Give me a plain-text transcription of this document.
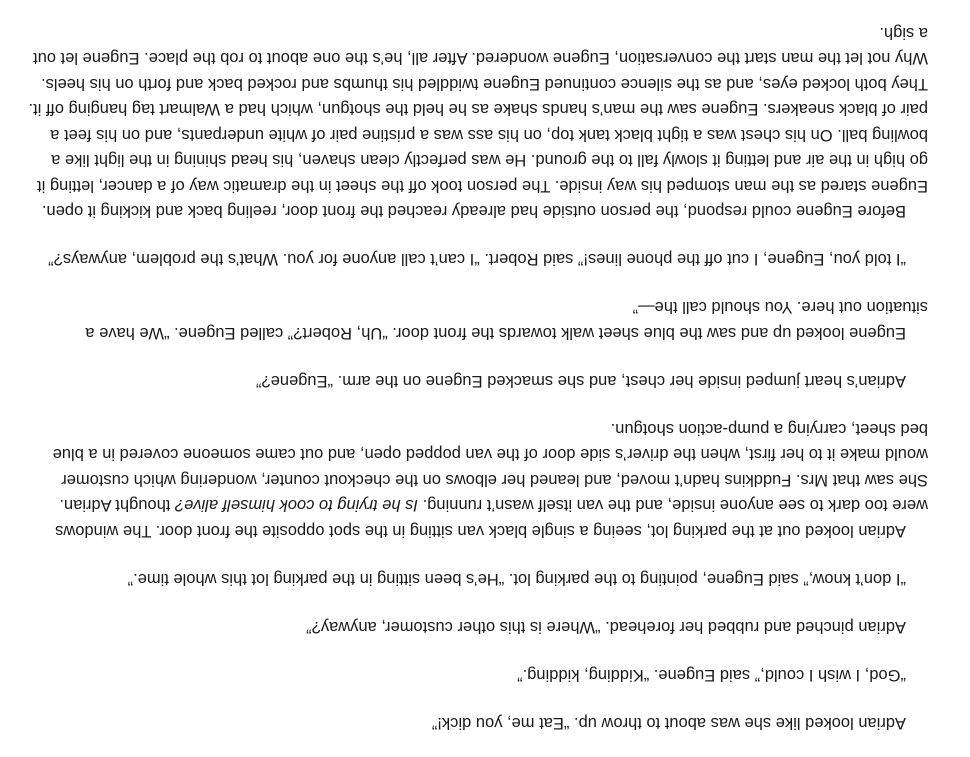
Adrian looked like she was about to throw up. “Eat me, you dick!”

“God, I wish I could,” said Eugene. “Kidding, kidding.”

Adrian pinched and rubbed her forehead. “Where is this other customer, anyway?”

“I don’t know,” said Eugene, pointing to the parking lot. “He’s been sitting in the parking lot this whole time.”

Adrian looked out at the parking lot, seeing a single black van sitting in the spot opposite the front door. The windows were too dark to see anyone inside, and the van itself wasn’t running. Is he trying to cook himself alive? thought Adrian. She saw that Mrs. Fuddkins hadn’t moved, and leaned her elbows on the checkout counter, wondering which customer would make it to her first, when the driver’s side door of the van popped open, and out came someone covered in a blue bed sheet, carrying a pump-action shotgun.

Adrian’s heart jumped inside her chest, and she smacked Eugene on the arm. “Eugene?”

Eugene looked up and saw the blue sheet walk towards the front door. “Uh, Robert?” called Eugene. “We have a situation out here. You should call the—”

“I told you, Eugene, I cut off the phone lines!” said Robert. “I can’t call anyone for you. What’s the problem, anyways?”

Before Eugene could respond, the person outside had already reached the front door, reeling back and kicking it open. Eugene stared as the man stomped his way inside. The person took off the sheet in the dramatic way of a dancer, letting it go high in the air and letting it slowly fall to the ground. He was perfectly clean shaven, his head shining in the light like a bowling ball. On his chest was a tight black tank top, on his ass was a pristine pair of white underpants, and on his feet a pair of black sneakers. Eugene saw the man’s hands shake as he held the shotgun, which had a Walmart tag hanging off it. They both locked eyes, and as the silence continued Eugene twiddled his thumbs and rocked back and forth on his heels. Why not let the man start the conversation, Eugene wondered. After all, he’s the one about to rob the place. Eugene let out a sigh.
